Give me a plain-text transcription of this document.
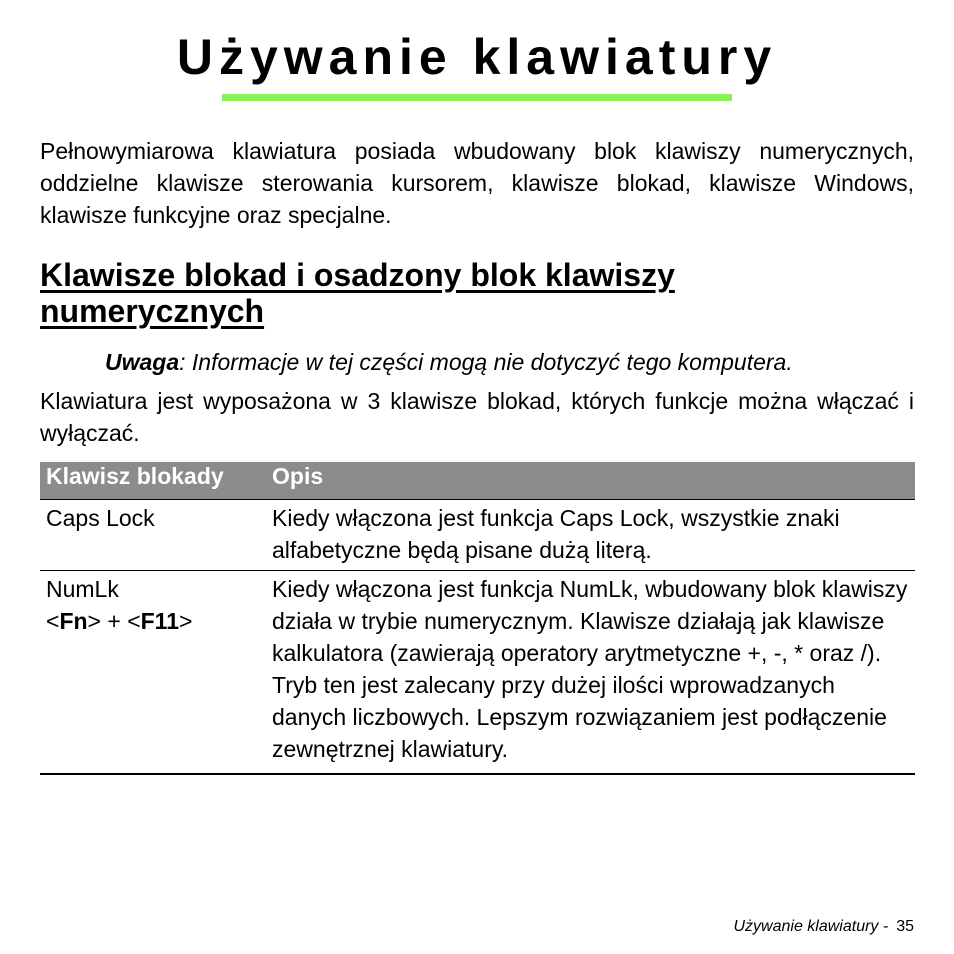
Używanie klawiatury

Pełnowymiarowa klawiatura posiada wbudowany blok klawiszy numerycznych, oddzielne klawisze sterowania kursorem, klawisze blokad, klawisze Windows, klawisze funkcyjne oraz specjalne.

Klawisze blokad i osadzony blok klawiszy numerycznych

Uwaga: Informacje w tej części mogą nie dotyczyć tego komputera.

Klawiatura jest wyposażona w 3 klawisze blokad, których funkcje można włączać i wyłączać.

Klawisz blokady	Opis
Caps Lock	Kiedy włączona jest funkcja Caps Lock, wszystkie znaki alfabetyczne będą pisane dużą literą.

NumLk
<Fn> + <F11>	Kiedy włączona jest funkcja NumLk, wbudowany blok klawiszy działa w trybie numerycznym. Klawisze działają jak klawisze kalkulatora (zawierają operatory arytmetyczne +, -, * oraz /). Tryb ten jest zalecany przy dużej ilości wprowadzanych danych liczbowych. Lepszym rozwiązaniem jest podłączenie zewnętrznej klawiatury.
Używanie klawiatury - 35
